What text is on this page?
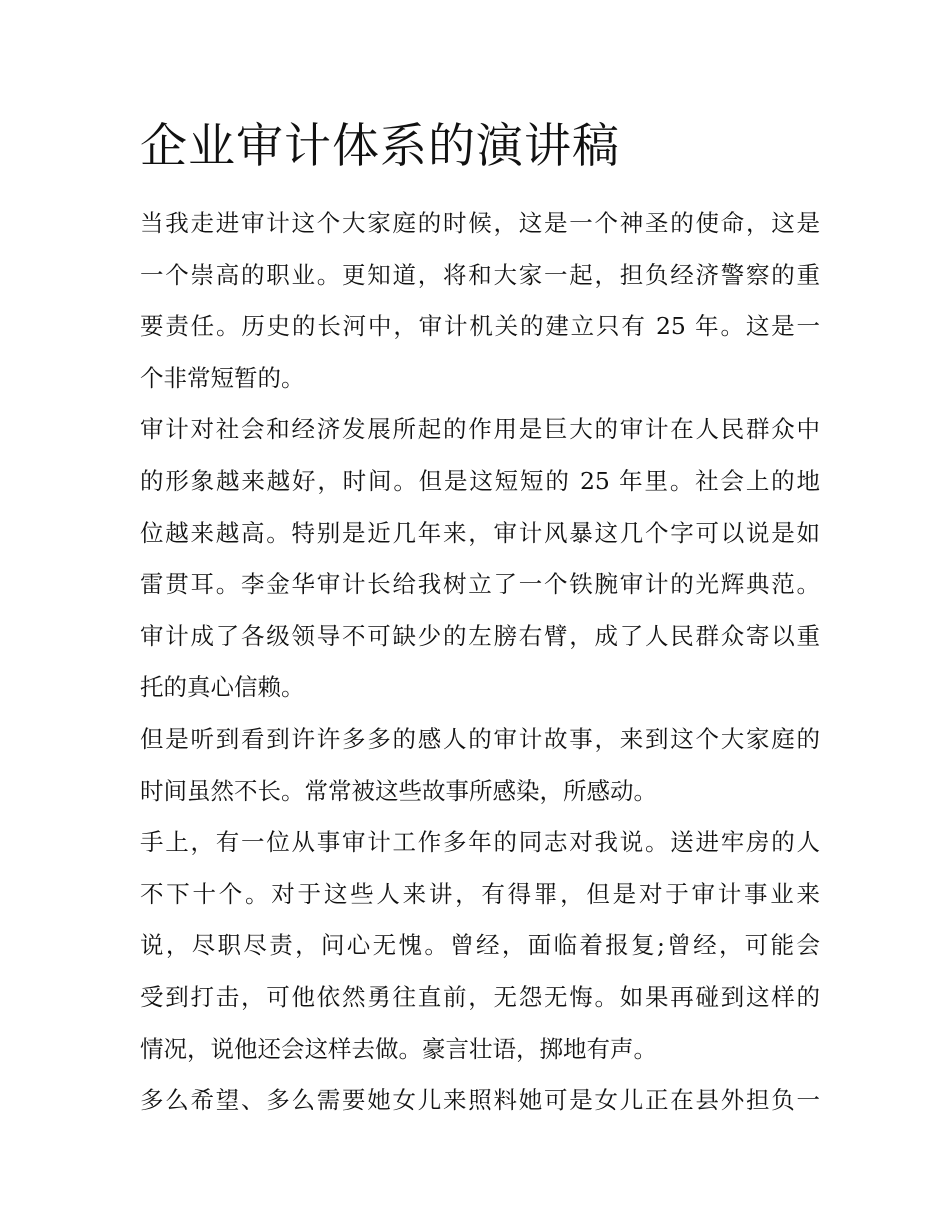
企业审计体系的演讲稿
当我走进审计这个大家庭的时候，这是一个神圣的使命，这是
一个崇高的职业。更知道，将和大家一起，担负经济警察的重
要责任。历史的长河中，审计机关的建立只有 25 年。这是一
个非常短暂的。
审计对社会和经济发展所起的作用是巨大的审计在人民群众中
的形象越来越好，时间。但是这短短的 25 年里。社会上的地
位越来越高。特别是近几年来，审计风暴这几个字可以说是如
雷贯耳。李金华审计长给我树立了一个铁腕审计的光辉典范。
审计成了各级领导不可缺少的左膀右臂，成了人民群众寄以重
托的真心信赖。
但是听到看到许许多多的感人的审计故事，来到这个大家庭的
时间虽然不长。常常被这些故事所感染，所感动。
手上，有一位从事审计工作多年的同志对我说。送进牢房的人
不下十个。对于这些人来讲，有得罪，但是对于审计事业来
说，尽职尽责，问心无愧。曾经，面临着报复;曾经，可能会
受到打击，可他依然勇往直前，无怨无悔。如果再碰到这样的
情况，说他还会这样去做。豪言壮语，掷地有声。
多么希望、多么需要她女儿来照料她可是女儿正在县外担负一
